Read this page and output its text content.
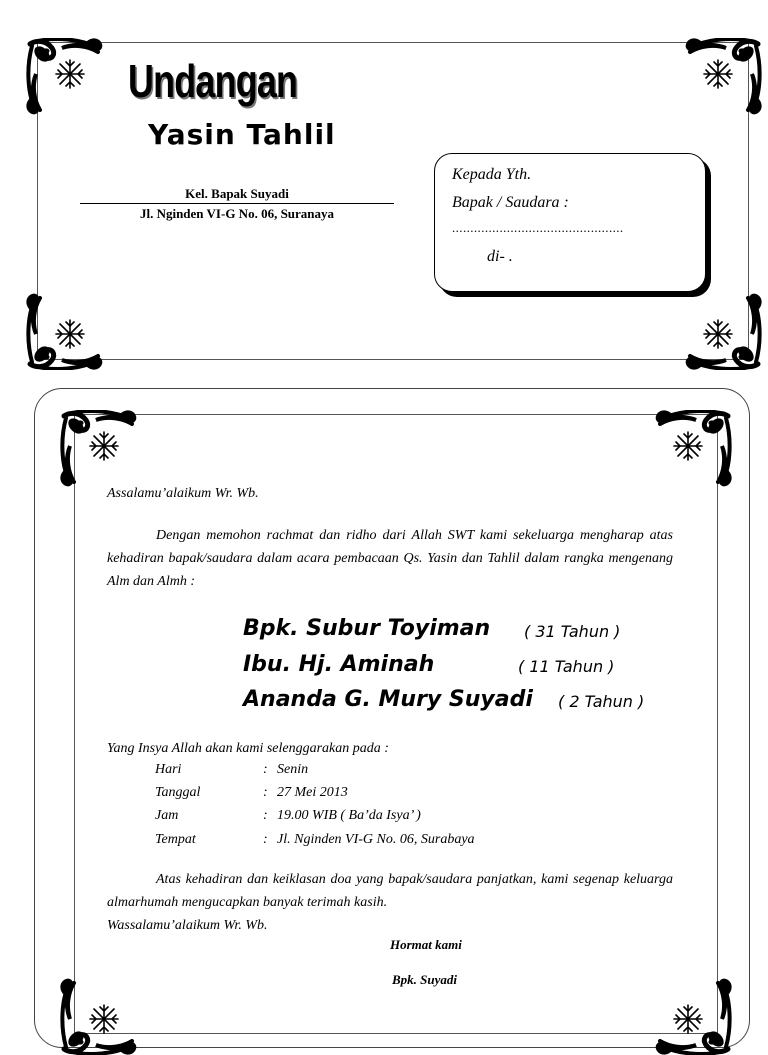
Undangan
Yasin Tahlil
Kel. Bapak Suyadi
Jl. Nginden VI-G No. 06, Suranaya
Kepada Yth.
Bapak / Saudara :
...............................................
di- .
Assalamu’alaikum Wr. Wb.
Dengan memohon rachmat dan ridho dari Allah SWT kami sekeluarga mengharap atas kehadiran bapak/saudara dalam acara pembacaan Qs. Yasin dan Tahlil dalam rangka mengenang Alm dan Almh :
Bpk. Subur Toyiman ( 31 Tahun )
Ibu. Hj. Aminah	( 11 Tahun )
Ananda G. Mury Suyadi ( 2 Tahun )
Yang Insya Allah akan kami selenggarakan pada :
Hari	: Senin
Tanggal	: 27 Mei 2013
Jam	: 19.00 WIB ( Ba’da Isya’ )
Tempat	: Jl. Nginden VI-G No. 06, Surabaya
Atas kehadiran dan keiklasan doa yang bapak/saudara panjatkan, kami segenap keluarga almarhumah mengucapkan banyak terimah kasih.
Wassalamu’alaikum Wr. Wb.
Hormat kami
Bpk. Suyadi
